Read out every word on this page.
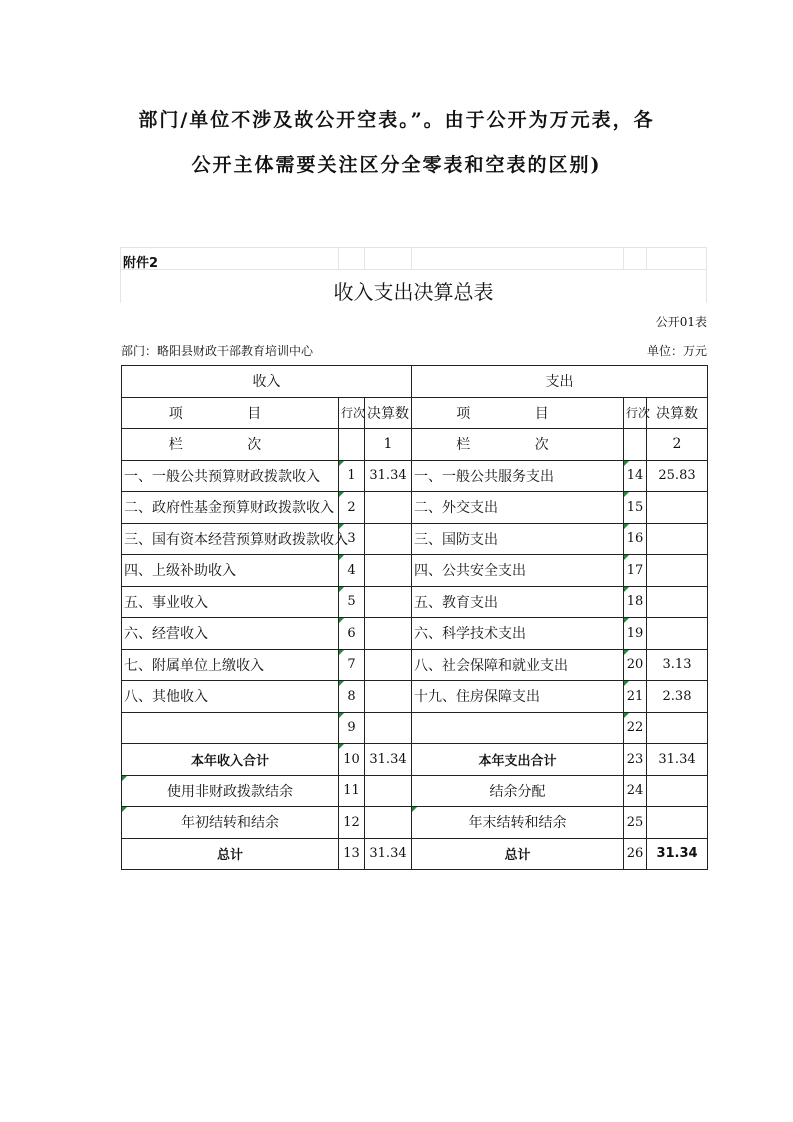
部门/单位不涉及故公开空表。”。由于公开为万元表，各
公开主体需要关注区分全零表和空表的区别)
附件2
收入支出决算总表
公开01表
部门：略阳县财政干部教育培训中心	单位：万元
收入			支出		
项 目	行次	决算数	项 目	行次	决算数
栏 次		1	栏 次		2
一、一般公共预算财政拨款收入	1	31.34	一、一般公共服务支出	14	25.83
二、政府性基金预算财政拨款收入	2		二、外交支出	15	
三、国有资本经营预算财政拨款收入	3		三、国防支出	16	
四、上级补助收入	4		四、公共安全支出	17	
五、事业收入	5		五、教育支出	18	
六、经营收入	6		六、科学技术支出	19	
七、附属单位上缴收入	7		八、社会保障和就业支出	20	3.13
八、其他收入	8		十九、住房保障支出	21	2.38
	9			22	
本年收入合计	10	31.34	本年支出合计	23	31.34
使用非财政拨款结余	11		结余分配	24	
年初结转和结余	12		年末结转和结余	25	
总计	13	31.34	总计	26	31.34
